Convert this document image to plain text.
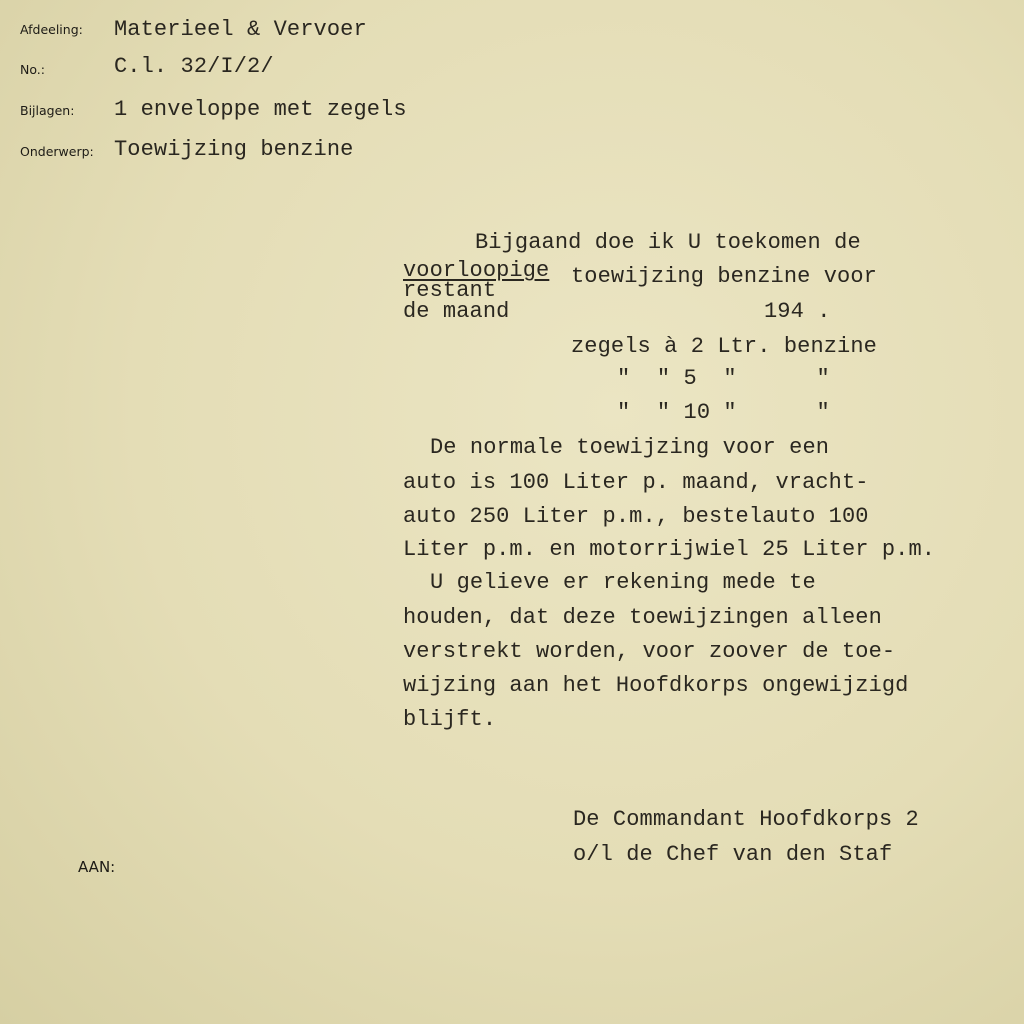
Afdeeling: Materieel & Vervoer
No.:	C.l. 32/I/2/
Bijlagen: 1 enveloppe met zegels
Onderwerp: Toewijzing benzine
Bijgaand doe ik U toekomen de
voorloopige toewijzing benzine voor
restant
de maand	194 .
zegels à 2 Ltr. benzine
"  " 5  "      "
"  " 10 "      "
De normale toewijzing voor een
auto is 100 Liter p. maand, vracht-
auto 250 Liter p.m., bestelauto 100
Liter p.m. en motorrijwiel 25 Liter p.m.
U gelieve er rekening mede te
houden, dat deze toewijzingen alleen
verstrekt worden, voor zoover de toe-
wijzing aan het Hoofdkorps ongewijzigd
blijft.
De Commandant Hoofdkorps 2
o/l de Chef van den Staf
AAN:
